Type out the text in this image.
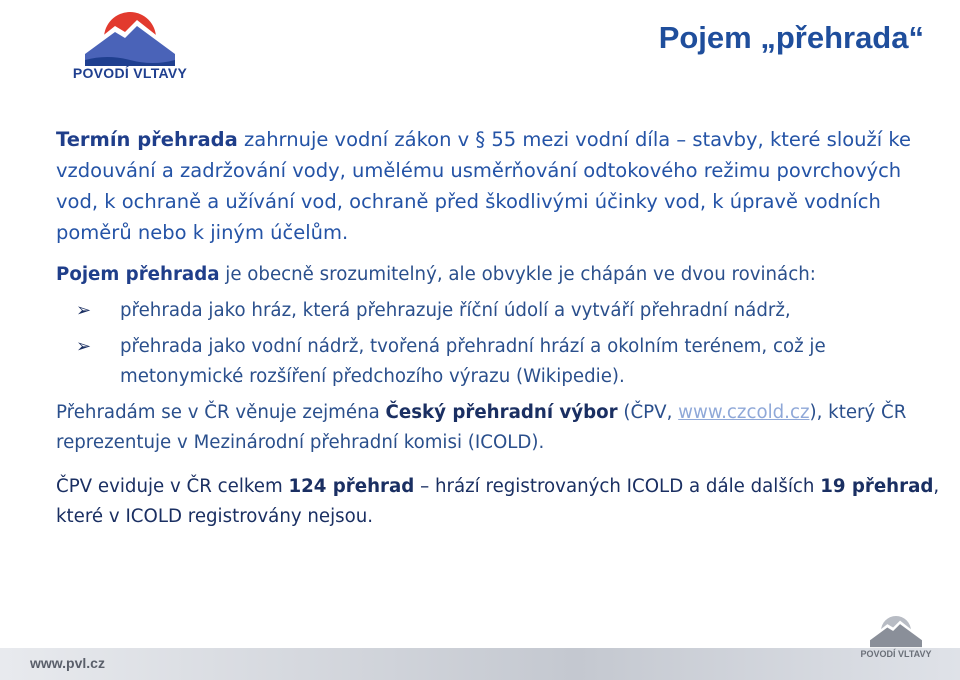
POVODÍ VLTAVY
Pojem „přehrada“

Termín přehrada zahrnuje vodní zákon v § 55 mezi vodní díla – stavby, které slouží ke vzdouvání a zadržování vody, umělému usměrňování odtokového režimu povrchových vod, k ochraně a užívání vod, ochraně před škodlivými účinky vod, k úpravě vodních poměrů nebo k jiným účelům.

Pojem přehrada je obecně srozumitelný, ale obvykle je chápán ve dvou rovinách:

➢ přehrada jako hráz, která přehrazuje říční údolí a vytváří přehradní nádrž,
➢ přehrada jako vodní nádrž, tvořená přehradní hrází a okolním terénem, což je metonymické rozšíření předchozího výrazu (Wikipedie).

Přehradám se v ČR věnuje zejména Český přehradní výbor (ČPV, www.czcold.cz), který ČR reprezentuje v Mezinárodní přehradní komisi (ICOLD).

ČPV eviduje v ČR celkem 124 přehrad – hrází registrovaných ICOLD a dále dalších 19 přehrad, které v ICOLD registrovány nejsou.

www.pvl.cz
POVODÍ VLTAVY
